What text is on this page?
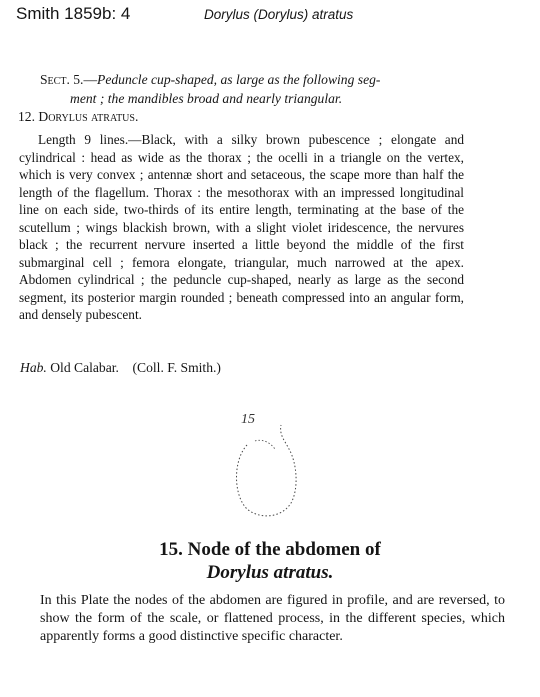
Smith 1859b: 4	Dorylus (Dorylus) atratus

Sect. 5.—Peduncle cup-shaped, as large as the following seg-

ment ; the mandibles broad and nearly triangular.

12. Dorylus atratus.

Length 9 lines.—Black, with a silky brown pubescence ; elongate and cylindrical : head as wide as the thorax ; the ocelli in a triangle on the vertex, which is very convex ; antennæ short and setaceous, the scape more than half the length of the flagellum. Thorax : the mesothorax with an impressed longitudinal line on each side, two-thirds of its entire length, terminating at the base of the scutellum ; wings blackish brown, with a slight violet iridescence, the nervures black ; the recurrent nervure inserted a little beyond the middle of the first submarginal cell ; femora elongate, triangular, much narrowed at the apex. Abdomen cylindrical ; the peduncle cup-shaped, nearly as large as the second segment, its posterior margin rounded ; beneath compressed into an angular form, and densely pubescent.

Hab. Old Calabar.    (Coll. F. Smith.)
15
15. Node of the abdomen of
Dorylus atratus.

In this Plate the nodes of the abdomen are figured in profile, and are reversed, to show the form of the scale, or flattened process, in the different species, which apparently forms a good distinctive specific character.
